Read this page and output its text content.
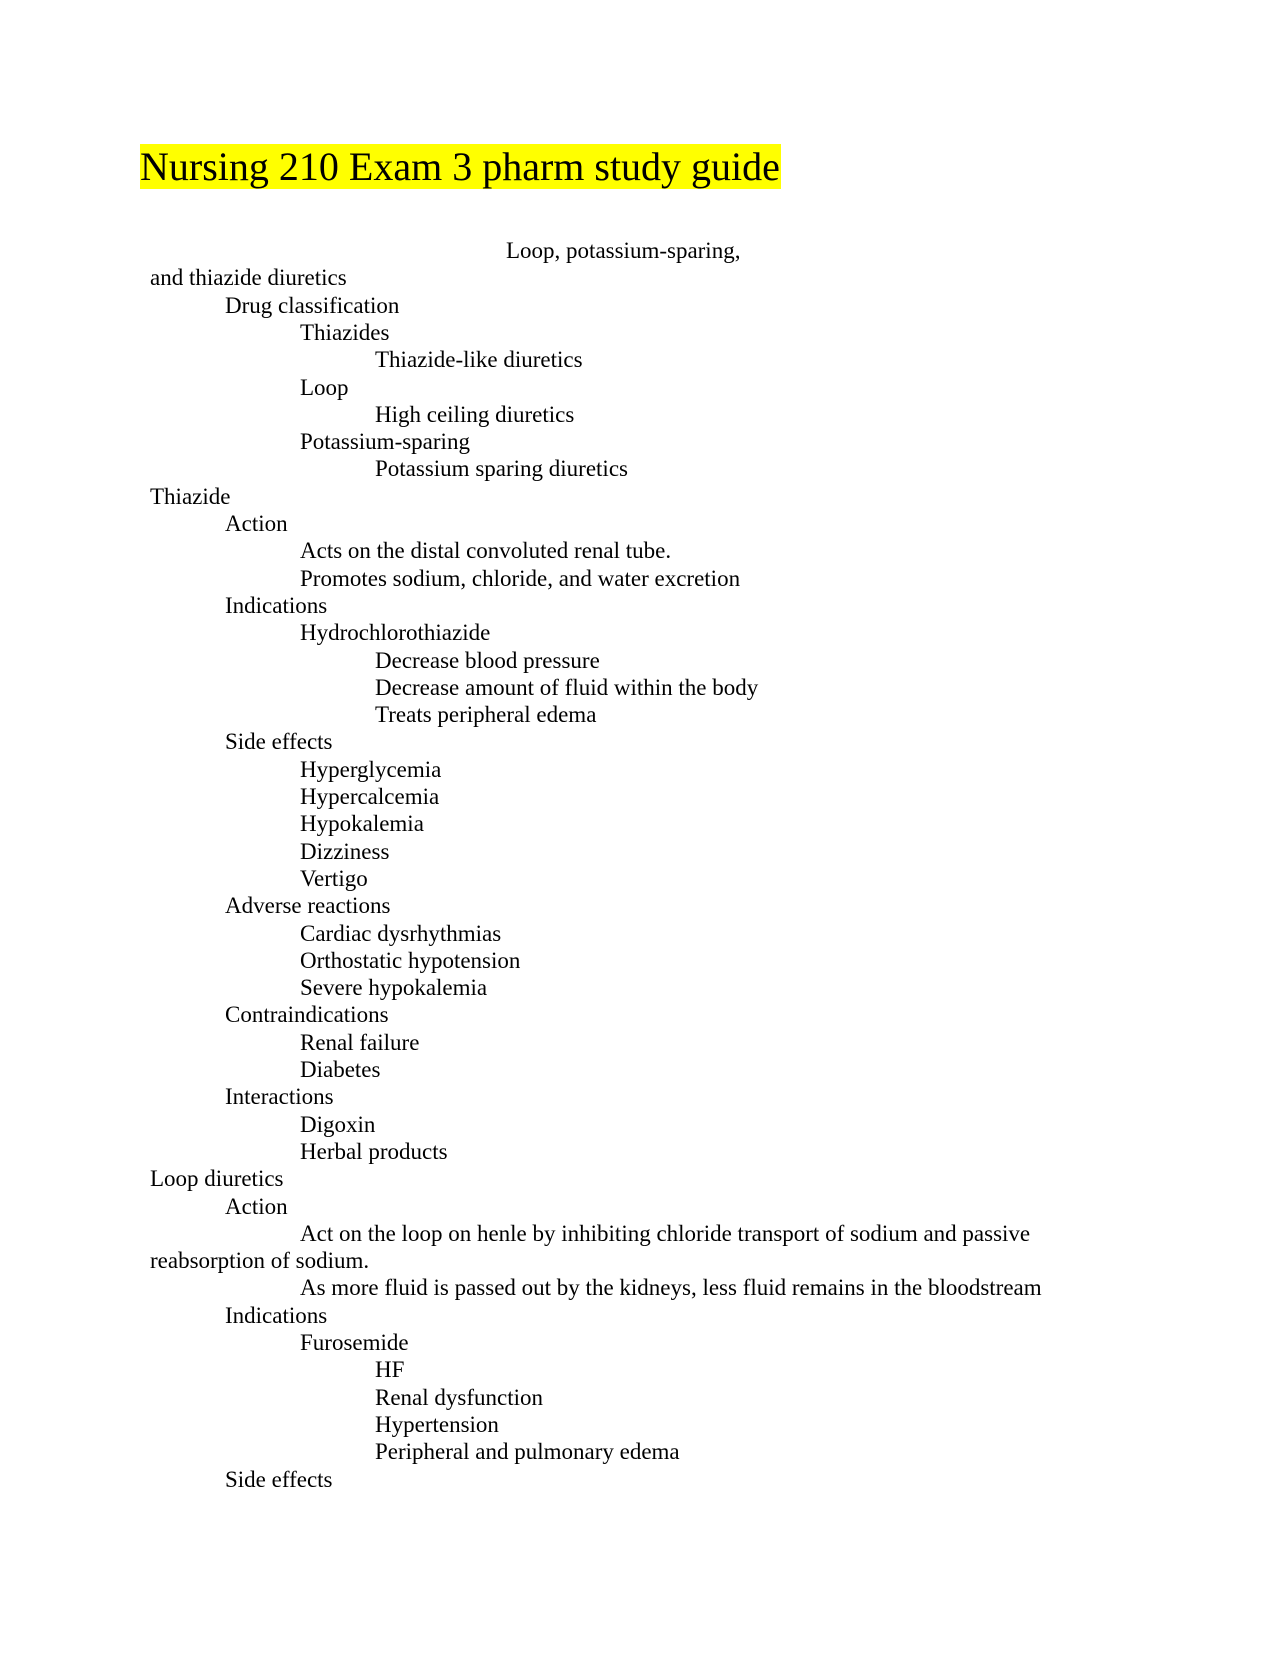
Nursing 210 Exam 3 pharm study guide
Loop, potassium-sparing,
and thiazide diuretics
Drug classification
Thiazides
Thiazide-like diuretics
Loop
High ceiling diuretics
Potassium-sparing
Potassium sparing diuretics
Thiazide
Action
Acts on the distal convoluted renal tube.
Promotes sodium, chloride, and water excretion
Indications
Hydrochlorothiazide
Decrease blood pressure
Decrease amount of fluid within the body
Treats peripheral edema
Side effects
Hyperglycemia
Hypercalcemia
Hypokalemia
Dizziness
Vertigo
Adverse reactions
Cardiac dysrhythmias
Orthostatic hypotension
Severe hypokalemia
Contraindications
Renal failure
Diabetes
Interactions
Digoxin
Herbal products
Loop diuretics
Action
Act on the loop on henle by inhibiting chloride transport of sodium and passive
reabsorption of sodium.
As more fluid is passed out by the kidneys, less fluid remains in the bloodstream
Indications
Furosemide
HF
Renal dysfunction
Hypertension
Peripheral and pulmonary edema
Side effects
